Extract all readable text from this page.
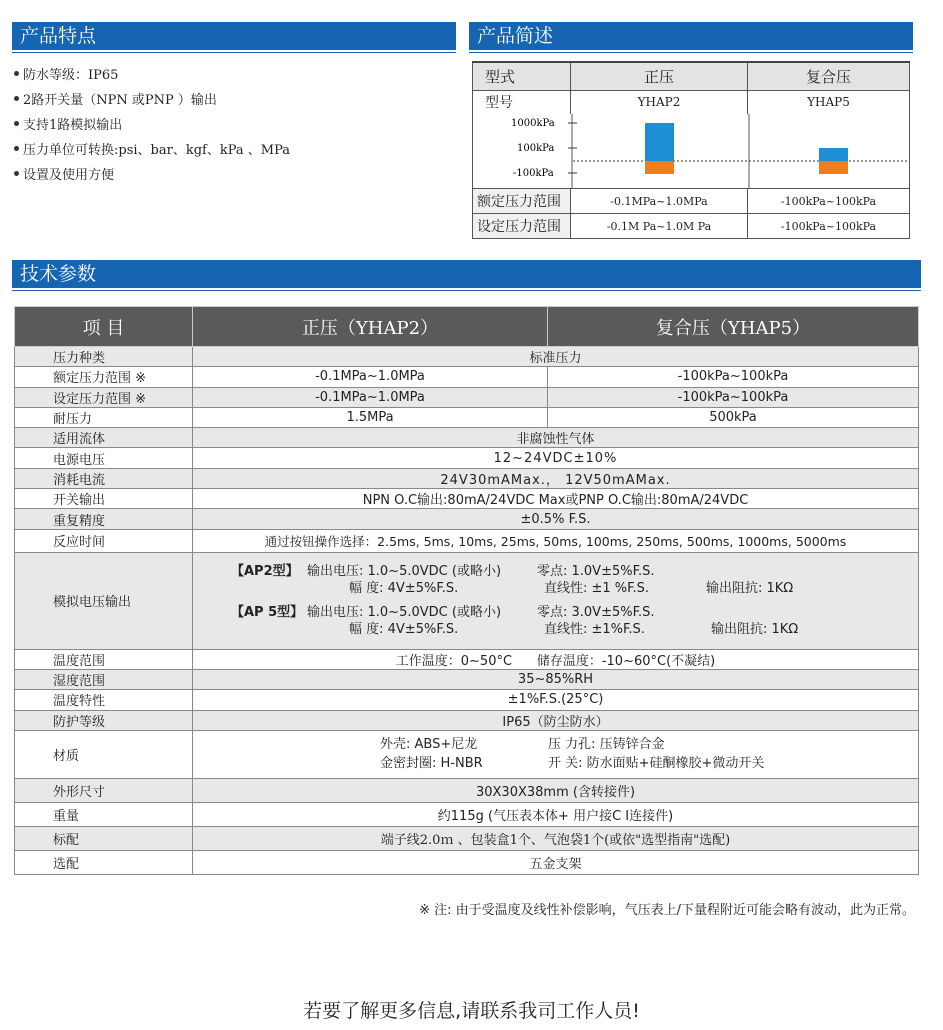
产品特点	产品简述
防水等级：IP65
2路开关量（NPN 或PNP ）输出
支持1路模拟输出
压力单位可转换:psi、bar、kgf、kPa 、MPa
设置及使用方便
型式	正压	复合压
型号	YHAP2	YHAP5

1000kPa
100kPa
-100kPa		

额定压力范围	-0.1MPa~1.0MPa	-100kPa~100kPa
设定压力范围	-0.1M Pa~1.0M Pa	-100kPa~100kPa
技术参数
项 目	正压（YHAP2）	复合压（YHAP5）
压力种类	标准压力	
额定压力范围 ※	-0.1MPa~1.0MPa	-100kPa~100kPa
设定压力范围 ※	-0.1MPa~1.0MPa	-100kPa~100kPa
耐压力	1.5MPa	500kPa
适用流体	非腐蚀性气体	
电源电压	12~24VDC±10%	
消耗电流	24V30mAMax.， 12V50mAMax.	
开关输出	NPN O.C输出:80mA/24VDC Max或PNP O.C输出:80mA/24VDC	
重复精度	±0.5% F.S.	
反应时间	通过按钮操作选择：2.5ms, 5ms, 10ms, 25ms, 50ms, 100ms, 250ms, 500ms, 1000ms, 5000ms	
模拟电压输出	【AP2型】 输出电压: 1.0~5.0VDC (或略小) 零点: 1.0V±5%F.S.
幅 度: 4V±5%F.S. 直线性: ±1 %F.S. 输出阻抗: 1KΩ
【AP 5型】 输出电压: 1.0~5.0VDC (或略小) 零点: 3.0V±5%F.S.
幅 度: 4V±5%F.S. 直线性: ±1%F.S. 输出阻抗: 1KΩ	

温度范围	工作温度：0~50°C      储存温度：-10~60°C(不凝结)	
湿度范围	35~85%RH	
温度特性	±1%F.S.(25°C)	
防护等级	IP65（防尘防水）	
材质	外壳: ABS+尼龙 压 力孔: 压铸锌合金
金密封圈: H-NBR 开 关: 防水面贴+硅酮橡胶+微动开关	

外形尺寸	30X30X38mm (含转接件)	
重量	约115g (气压表本体+ 用户接C I连接件)	
标配	端子线2.0ｍ 、包装盒1个、气泡袋1个(或依"选型指南"选配)	
选配	五金支架	
※ 注: 由于受温度及线性补偿影响，气压表上/下量程附近可能会略有波动，此为正常。
若要了解更多信息,请联系我司工作人员!
